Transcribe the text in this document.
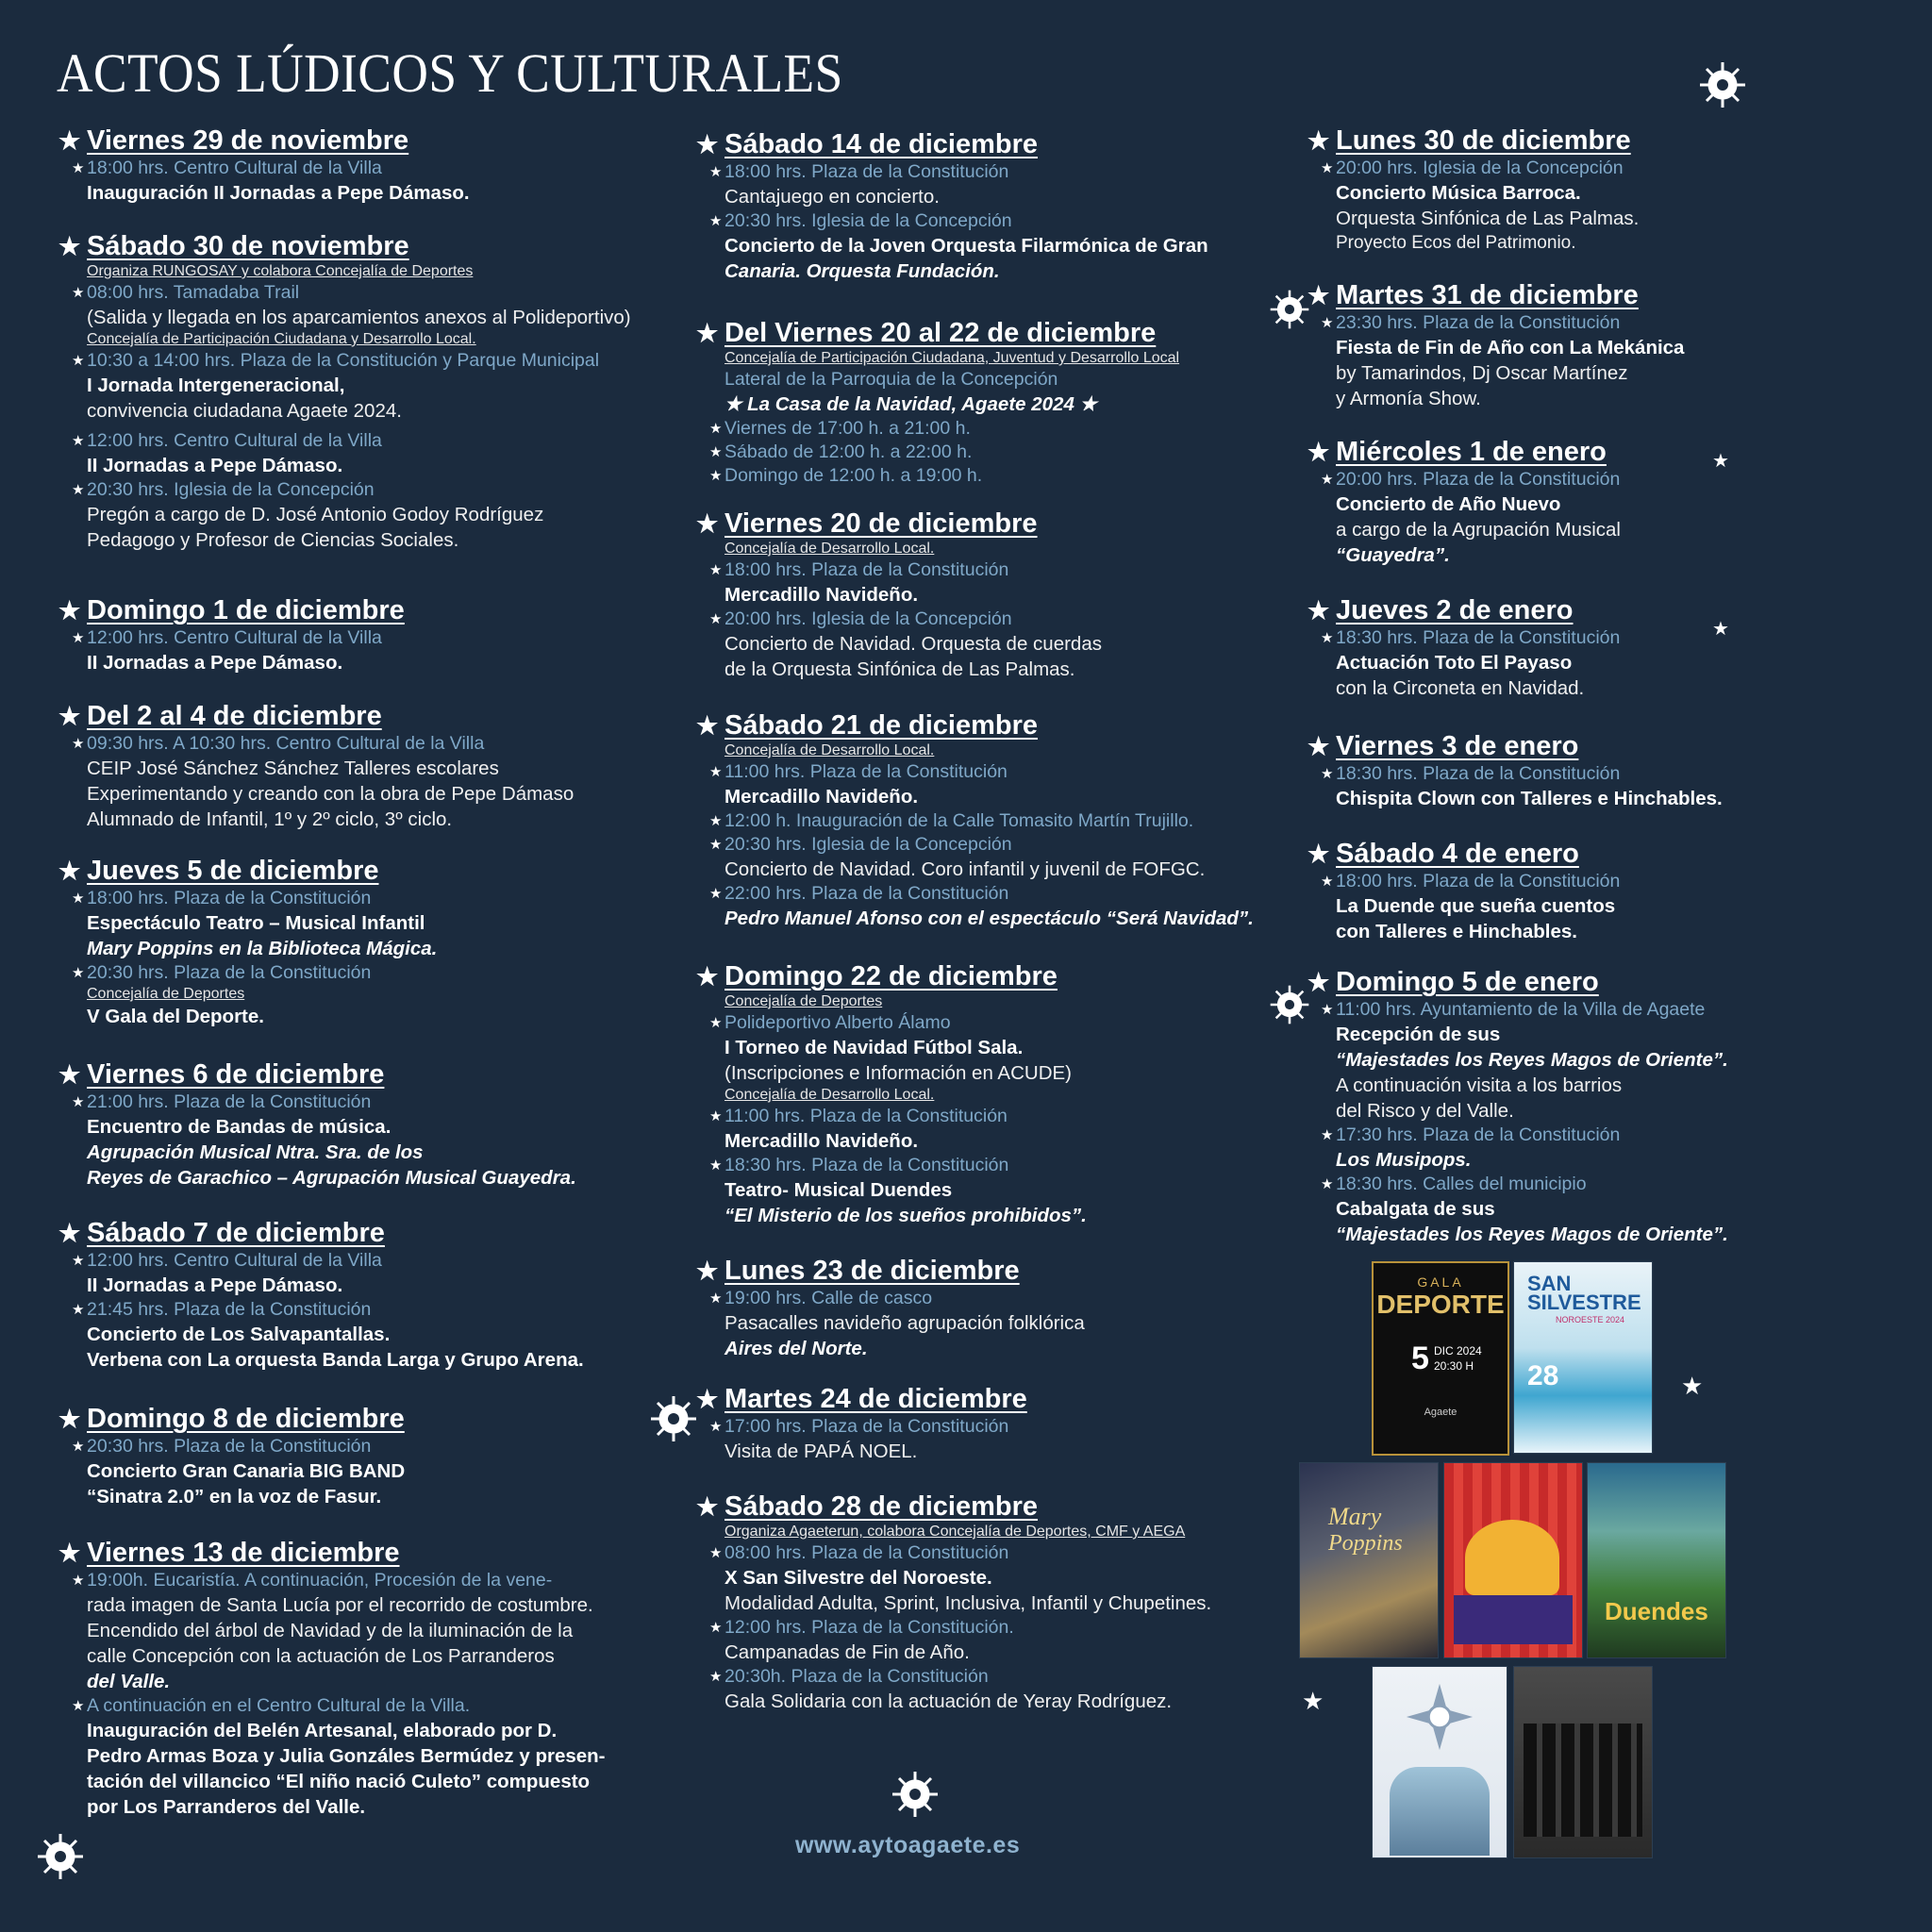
ACTOS LÚDICOS Y CULTURALES
★ Viernes 29 de noviembre
★ 18:00 hrs. Centro Cultural de la Villa
Inauguración II Jornadas a Pepe Dámaso.
★ Sábado 30 de noviembre
Organiza RUNGOSAY y colabora Concejalía de Deportes
★ 08:00 hrs. Tamadaba Trail
(Salida y llegada en los aparcamientos anexos al Polideportivo)
Concejalía de Participación Ciudadana y Desarrollo Local.
★ 10:30 a 14:00 hrs. Plaza de la Constitución y Parque Municipal
I Jornada Intergeneracional,
convivencia ciudadana Agaete 2024.
★ 12:00 hrs. Centro Cultural de la Villa
II Jornadas a Pepe Dámaso.
★ 20:30 hrs. Iglesia de la Concepción
Pregón a cargo de D. José Antonio Godoy Rodríguez
Pedagogo y Profesor de Ciencias Sociales.
★ Domingo 1 de diciembre
★ 12:00 hrs. Centro Cultural de la Villa
II Jornadas a Pepe Dámaso.
★ Del 2 al 4 de diciembre
★ 09:30 hrs. A 10:30 hrs. Centro Cultural de la Villa
CEIP José Sánchez Sánchez Talleres escolares
Experimentando y creando con la obra de Pepe Dámaso
Alumnado de Infantil, 1º y 2º ciclo, 3º ciclo.
★ Jueves 5 de diciembre
★ 18:00 hrs. Plaza de la Constitución
Espectáculo Teatro – Musical Infantil
Mary Poppins en la Biblioteca Mágica.
★ 20:30 hrs. Plaza de la Constitución
Concejalía de Deportes
V Gala del Deporte.
★ Viernes 6 de diciembre
★ 21:00 hrs. Plaza de la Constitución
Encuentro de Bandas de música.
Agrupación Musical Ntra. Sra. de los
Reyes de Garachico – Agrupación Musical Guayedra.
★ Sábado 7 de diciembre
★ 12:00 hrs. Centro Cultural de la Villa
II Jornadas a Pepe Dámaso.
★ 21:45 hrs. Plaza de la Constitución
Concierto de Los Salvapantallas.
Verbena con La orquesta Banda Larga y Grupo Arena.
★ Domingo 8 de diciembre
★ 20:30 hrs. Plaza de la Constitución
Concierto Gran Canaria BIG BAND
“Sinatra 2.0” en la voz de Fasur.
★ Viernes 13 de diciembre
★ 19:00h. Eucaristía. A continuación, Procesión de la vene-
rada imagen de Santa Lucía por el recorrido de costumbre.
Encendido del árbol de Navidad y de la iluminación de la
calle Concepción con la actuación de Los Parranderos
del Valle.
★ A continuación en el Centro Cultural de la Villa.
Inauguración del Belén Artesanal, elaborado por D.
Pedro Armas Boza y Julia Gonzáles Bermúdez y presen-
tación del villancico “El niño nació Culeto” compuesto
por Los Parranderos del Valle.
★ Sábado 14 de diciembre
★ 18:00 hrs. Plaza de la Constitución
Cantajuego en concierto.
★ 20:30 hrs. Iglesia de la Concepción
Concierto de la Joven Orquesta Filarmónica de Gran
Canaria. Orquesta Fundación.
★ Del Viernes 20 al 22 de diciembre
Concejalía de Participación Ciudadana, Juventud y Desarrollo Local
Lateral de la Parroquia de la Concepción
★ La Casa de la Navidad, Agaete 2024 ★
★ Viernes de 17:00 h. a 21:00 h.
★ Sábado de 12:00 h. a 22:00 h.
★ Domingo de 12:00 h. a 19:00 h.
★ Viernes 20 de diciembre
Concejalía de Desarrollo Local.
★ 18:00 hrs. Plaza de la Constitución
Mercadillo Navideño.
★ 20:00 hrs. Iglesia de la Concepción
Concierto de Navidad. Orquesta de cuerdas
de la Orquesta Sinfónica de Las Palmas.
★ Sábado 21 de diciembre
Concejalía de Desarrollo Local.
★ 11:00 hrs. Plaza de la Constitución
Mercadillo Navideño.
★ 12:00 h. Inauguración de la Calle Tomasito Martín Trujillo.
★ 20:30 hrs. Iglesia de la Concepción
Concierto de Navidad. Coro infantil y juvenil de FOFGC.
★ 22:00 hrs. Plaza de la Constitución
Pedro Manuel Afonso con el espectáculo “Será Navidad”.
★ Domingo 22 de diciembre
Concejalía de Deportes
★ Polideportivo Alberto Álamo
I Torneo de Navidad Fútbol Sala.
(Inscripciones e Información en ACUDE)
Concejalía de Desarrollo Local.
★ 11:00 hrs. Plaza de la Constitución
Mercadillo Navideño.
★ 18:30 hrs. Plaza de la Constitución
Teatro- Musical Duendes
“El Misterio de los sueños prohibidos”.
★ Lunes 23 de diciembre
★ 19:00 hrs. Calle de casco
Pasacalles navideño agrupación folklórica
Aires del Norte.
★ Martes 24 de diciembre
★ 17:00 hrs. Plaza de la Constitución
Visita de PAPÁ NOEL.
★ Sábado 28 de diciembre
Organiza Agaeterun, colabora Concejalía de Deportes, CMF y AEGA
★ 08:00 hrs. Plaza de la Constitución
X San Silvestre del Noroeste.
Modalidad Adulta, Sprint, Inclusiva, Infantil y Chupetines.
★ 12:00 hrs. Plaza de la Constitución.
Campanadas de Fin de Año.
★ 20:30h. Plaza de la Constitución
Gala Solidaria con la actuación de Yeray Rodríguez.
★ Lunes 30 de diciembre
★ 20:00 hrs. Iglesia de la Concepción
Concierto Música Barroca.
Orquesta Sinfónica de Las Palmas.
Proyecto Ecos del Patrimonio.
★ Martes 31 de diciembre
★ 23:30 hrs. Plaza de la Constitución
Fiesta de Fin de Año con La Mekánica
by Tamarindos, Dj Oscar Martínez
y Armonía Show.
★ Miércoles 1 de enero
★ 20:00 hrs. Plaza de la Constitución
Concierto de Año Nuevo
a cargo de la Agrupación Musical
“Guayedra”.
★ Jueves 2 de enero
★ 18:30 hrs. Plaza de la Constitución
Actuación Toto El Payaso
con la Circoneta en Navidad.
★ Viernes 3 de enero
★ 18:30 hrs. Plaza de la Constitución
Chispita Clown con Talleres e Hinchables.
★ Sábado 4 de enero
★ 18:00 hrs. Plaza de la Constitución
La Duende que sueña cuentos
con Talleres e Hinchables.
★ Domingo 5 de enero
★ 11:00 hrs. Ayuntamiento de la Villa de Agaete
Recepción de sus
“Majestades los Reyes Magos de Oriente”.
A continuación visita a los barrios
del Risco y del Valle.
★ 17:30 hrs. Plaza de la Constitución
Los Musipops.
★ 18:30 hrs. Calles del municipio
Cabalgata de sus
“Majestades los Reyes Magos de Oriente”.
★
★
★
★
GALA
DEPORTE
5 DIC 2024
20:30 H
Agaete
SAN
SILVESTRE
NOROESTE 2024
28
Mary
Poppins
Duendes
www.aytoagaete.es
